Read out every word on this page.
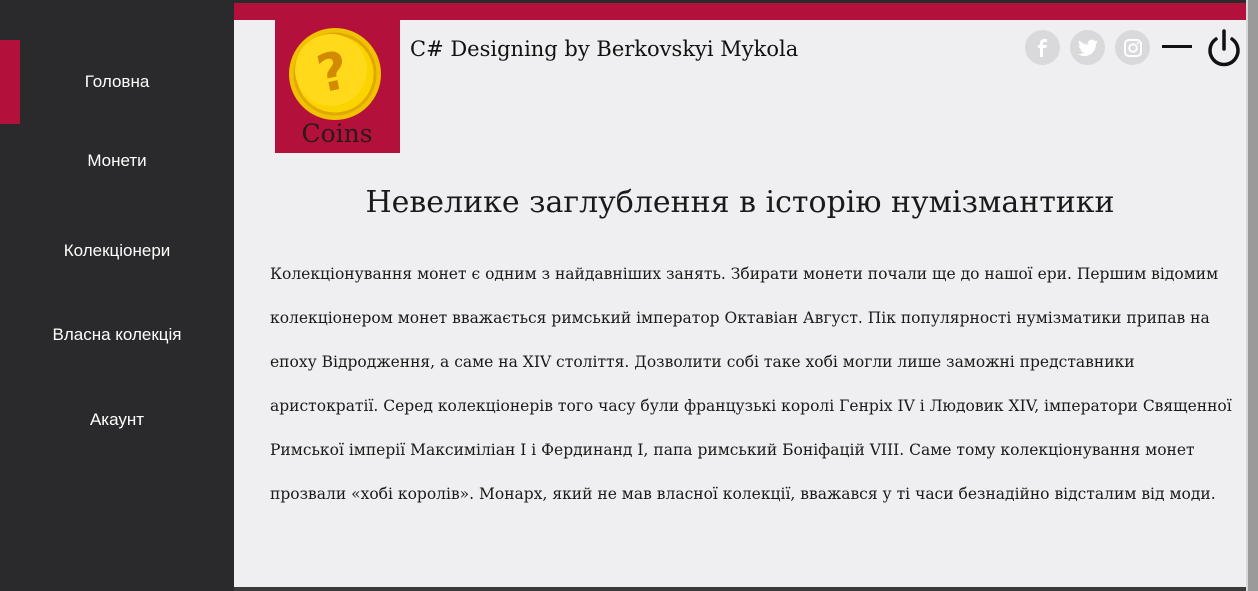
Головна
Монети
Колекціонери
Власна колекція
Акаунт
?
Coins
C# Designing by Berkovskyi Mykola
Невелике заглублення в історію нумізмантики
Колекціонування монет є одним з найдавніших занять. Збирати монети почали ще до нашої ери. Першим відомим колекціонером монет вважається римський імператор Октавіан Август. Пік популярності нумізматики припав на епоху Відродження, а саме на XIV століття. Дозволити собі таке хобі могли лише заможні представники аристократії. Серед колекціонерів того часу були французькі королі Генріх IV і Людовик XIV, імператори Священної Римської імперії Максиміліан I і Фердинанд I, папа римський Боніфацій VIII. Саме тому колекціонування монет прозвали «хобі королів». Монарх, який не мав власної колекції, вважався у ті часи безнадійно відсталим від моди.
